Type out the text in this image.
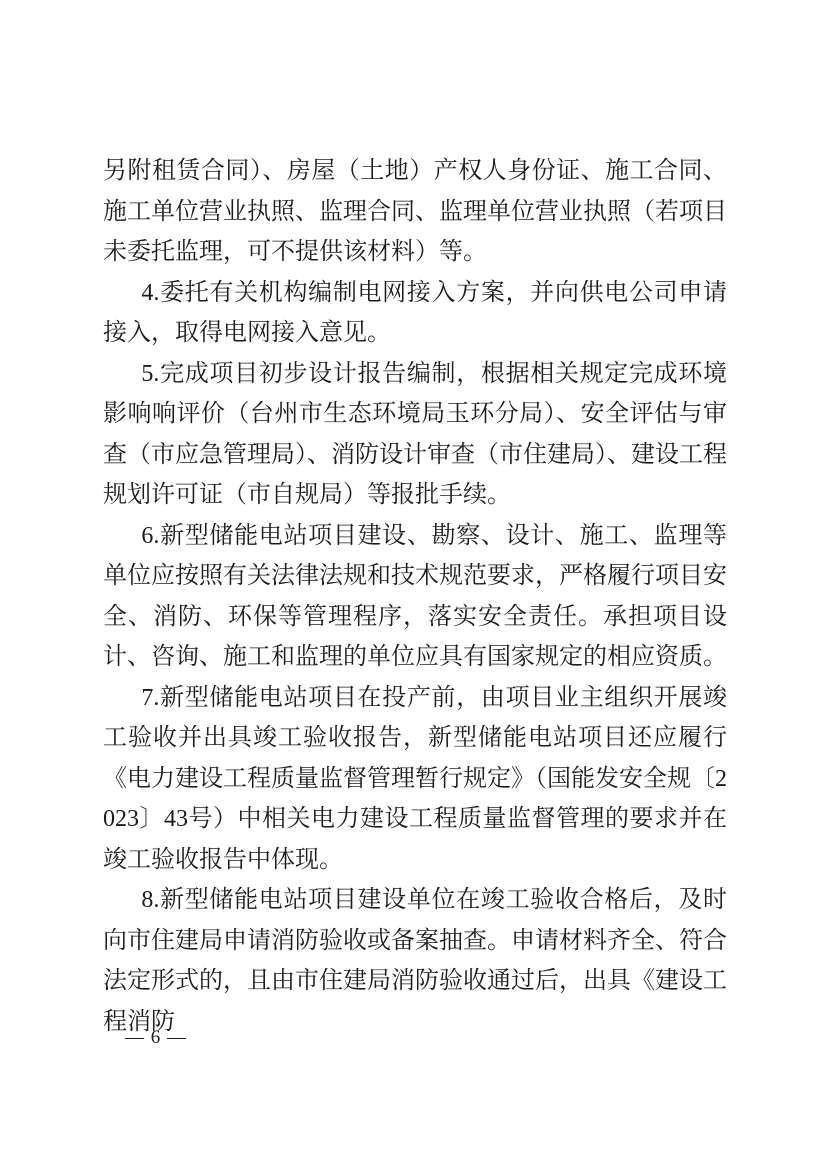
另附租赁合同）、房屋（土地）产权人身份证、施工合同、施工单位营业执照、监理合同、监理单位营业执照（若项目未委托监理，可不提供该材料）等。

4.委托有关机构编制电网接入方案，并向供电公司申请接入，取得电网接入意见。

5.完成项目初步设计报告编制，根据相关规定完成环境影响响评价（台州市生态环境局玉环分局）、安全评估与审查（市应急管理局）、消防设计审查（市住建局）、建设工程规划许可证（市自规局）等报批手续。

6.新型储能电站项目建设、勘察、设计、施工、监理等单位应按照有关法律法规和技术规范要求，严格履行项目安全、消防、环保等管理程序，落实安全责任。承担项目设计、咨询、施工和监理的单位应具有国家规定的相应资质。

7.新型储能电站项目在投产前，由项目业主组织开展竣工验收并出具竣工验收报告，新型储能电站项目还应履行《电力建设工程质量监督管理暂行规定》（国能发安全规〔2023〕43号）中相关电力建设工程质量监督管理的要求并在竣工验收报告中体现。

8.新型储能电站项目建设单位在竣工验收合格后，及时向市住建局申请消防验收或备案抽查。申请材料齐全、符合法定形式的，且由市住建局消防验收通过后，出具《建设工程消防

— 6 —
